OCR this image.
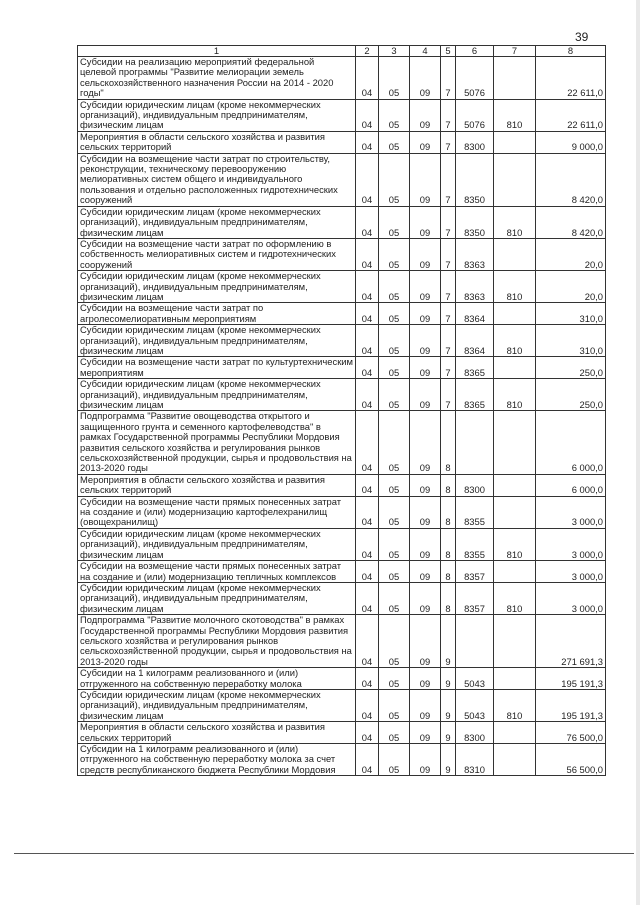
39
1	2	3	4	5	6	7	8
Субсидии на реализацию мероприятий федеральной целевой программы "Развитие мелиорации земель сельскохозяйственного назначения России на 2014 - 2020 годы"	04	05	09	7	5076		22 611,0
Субсидии юридическим лицам (кроме некоммерческих организаций), индивидуальным предпринимателям, физическим лицам	04	05	09	7	5076	810	22 611,0
Мероприятия в области сельского хозяйства и развития сельских территорий	04	05	09	7	8300		9 000,0
Субсидии на возмещение части затрат по строительству, реконструкции, техническому перевооружению мелиоративных систем общего и индивидуального пользования и отдельно расположенных гидротехнических сооружений	04	05	09	7	8350		8 420,0
Субсидии юридическим лицам (кроме некоммерческих организаций), индивидуальным предпринимателям, физическим лицам	04	05	09	7	8350	810	8 420,0
Субсидии на возмещение части затрат по оформлению в собственность мелиоративных систем и гидротехнических сооружений	04	05	09	7	8363		20,0
Субсидии юридическим лицам (кроме некоммерческих организаций), индивидуальным предпринимателям, физическим лицам	04	05	09	7	8363	810	20,0
Субсидии на возмещение части затрат по агролесомелиоративным мероприятиям	04	05	09	7	8364		310,0
Субсидии юридическим лицам (кроме некоммерческих организаций), индивидуальным предпринимателям, физическим лицам	04	05	09	7	8364	810	310,0
Субсидии на возмещение части затрат по культуртехническим мероприятиям	04	05	09	7	8365		250,0
Субсидии юридическим лицам (кроме некоммерческих организаций), индивидуальным предпринимателям, физическим лицам	04	05	09	7	8365	810	250,0
Подпрограмма "Развитие овощеводства открытого и защищенного грунта и семенного картофелеводства" в рамках Государственной программы Республики Мордовия развития сельского хозяйства и регулирования рынков сельскохозяйственной продукции, сырья и продовольствия на 2013-2020 годы	04	05	09	8			6 000,0
Мероприятия в области сельского хозяйства и развития сельских территорий	04	05	09	8	8300		6 000,0
Субсидии на возмещение части прямых понесенных затрат на создание и (или) модернизацию картофелехранилищ (овощехранилищ)	04	05	09	8	8355		3 000,0
Субсидии юридическим лицам (кроме некоммерческих организаций), индивидуальным предпринимателям, физическим лицам	04	05	09	8	8355	810	3 000,0
Субсидии на возмещение части прямых понесенных затрат на создание и (или) модернизацию тепличных комплексов	04	05	09	8	8357		3 000,0
Субсидии юридическим лицам (кроме некоммерческих организаций), индивидуальным предпринимателям, физическим лицам	04	05	09	8	8357	810	3 000,0
Подпрограмма "Развитие молочного скотоводства" в рамках Государственной программы Республики Мордовия развития сельского хозяйства и регулирования рынков сельскохозяйственной продукции, сырья и продовольствия на 2013-2020 годы	04	05	09	9			271 691,3
Субсидии на 1 килограмм реализованного и (или) отгруженного на собственную переработку молока	04	05	09	9	5043		195 191,3
Субсидии юридическим лицам (кроме некоммерческих организаций), индивидуальным предпринимателям, физическим лицам	04	05	09	9	5043	810	195 191,3
Мероприятия в области сельского хозяйства и развития сельских территорий	04	05	09	9	8300		76 500,0
Субсидии на 1 килограмм реализованного и (или) отгруженного на собственную переработку молока за счет средств республиканского бюджета Республики Мордовия	04	05	09	9	8310		56 500,0
